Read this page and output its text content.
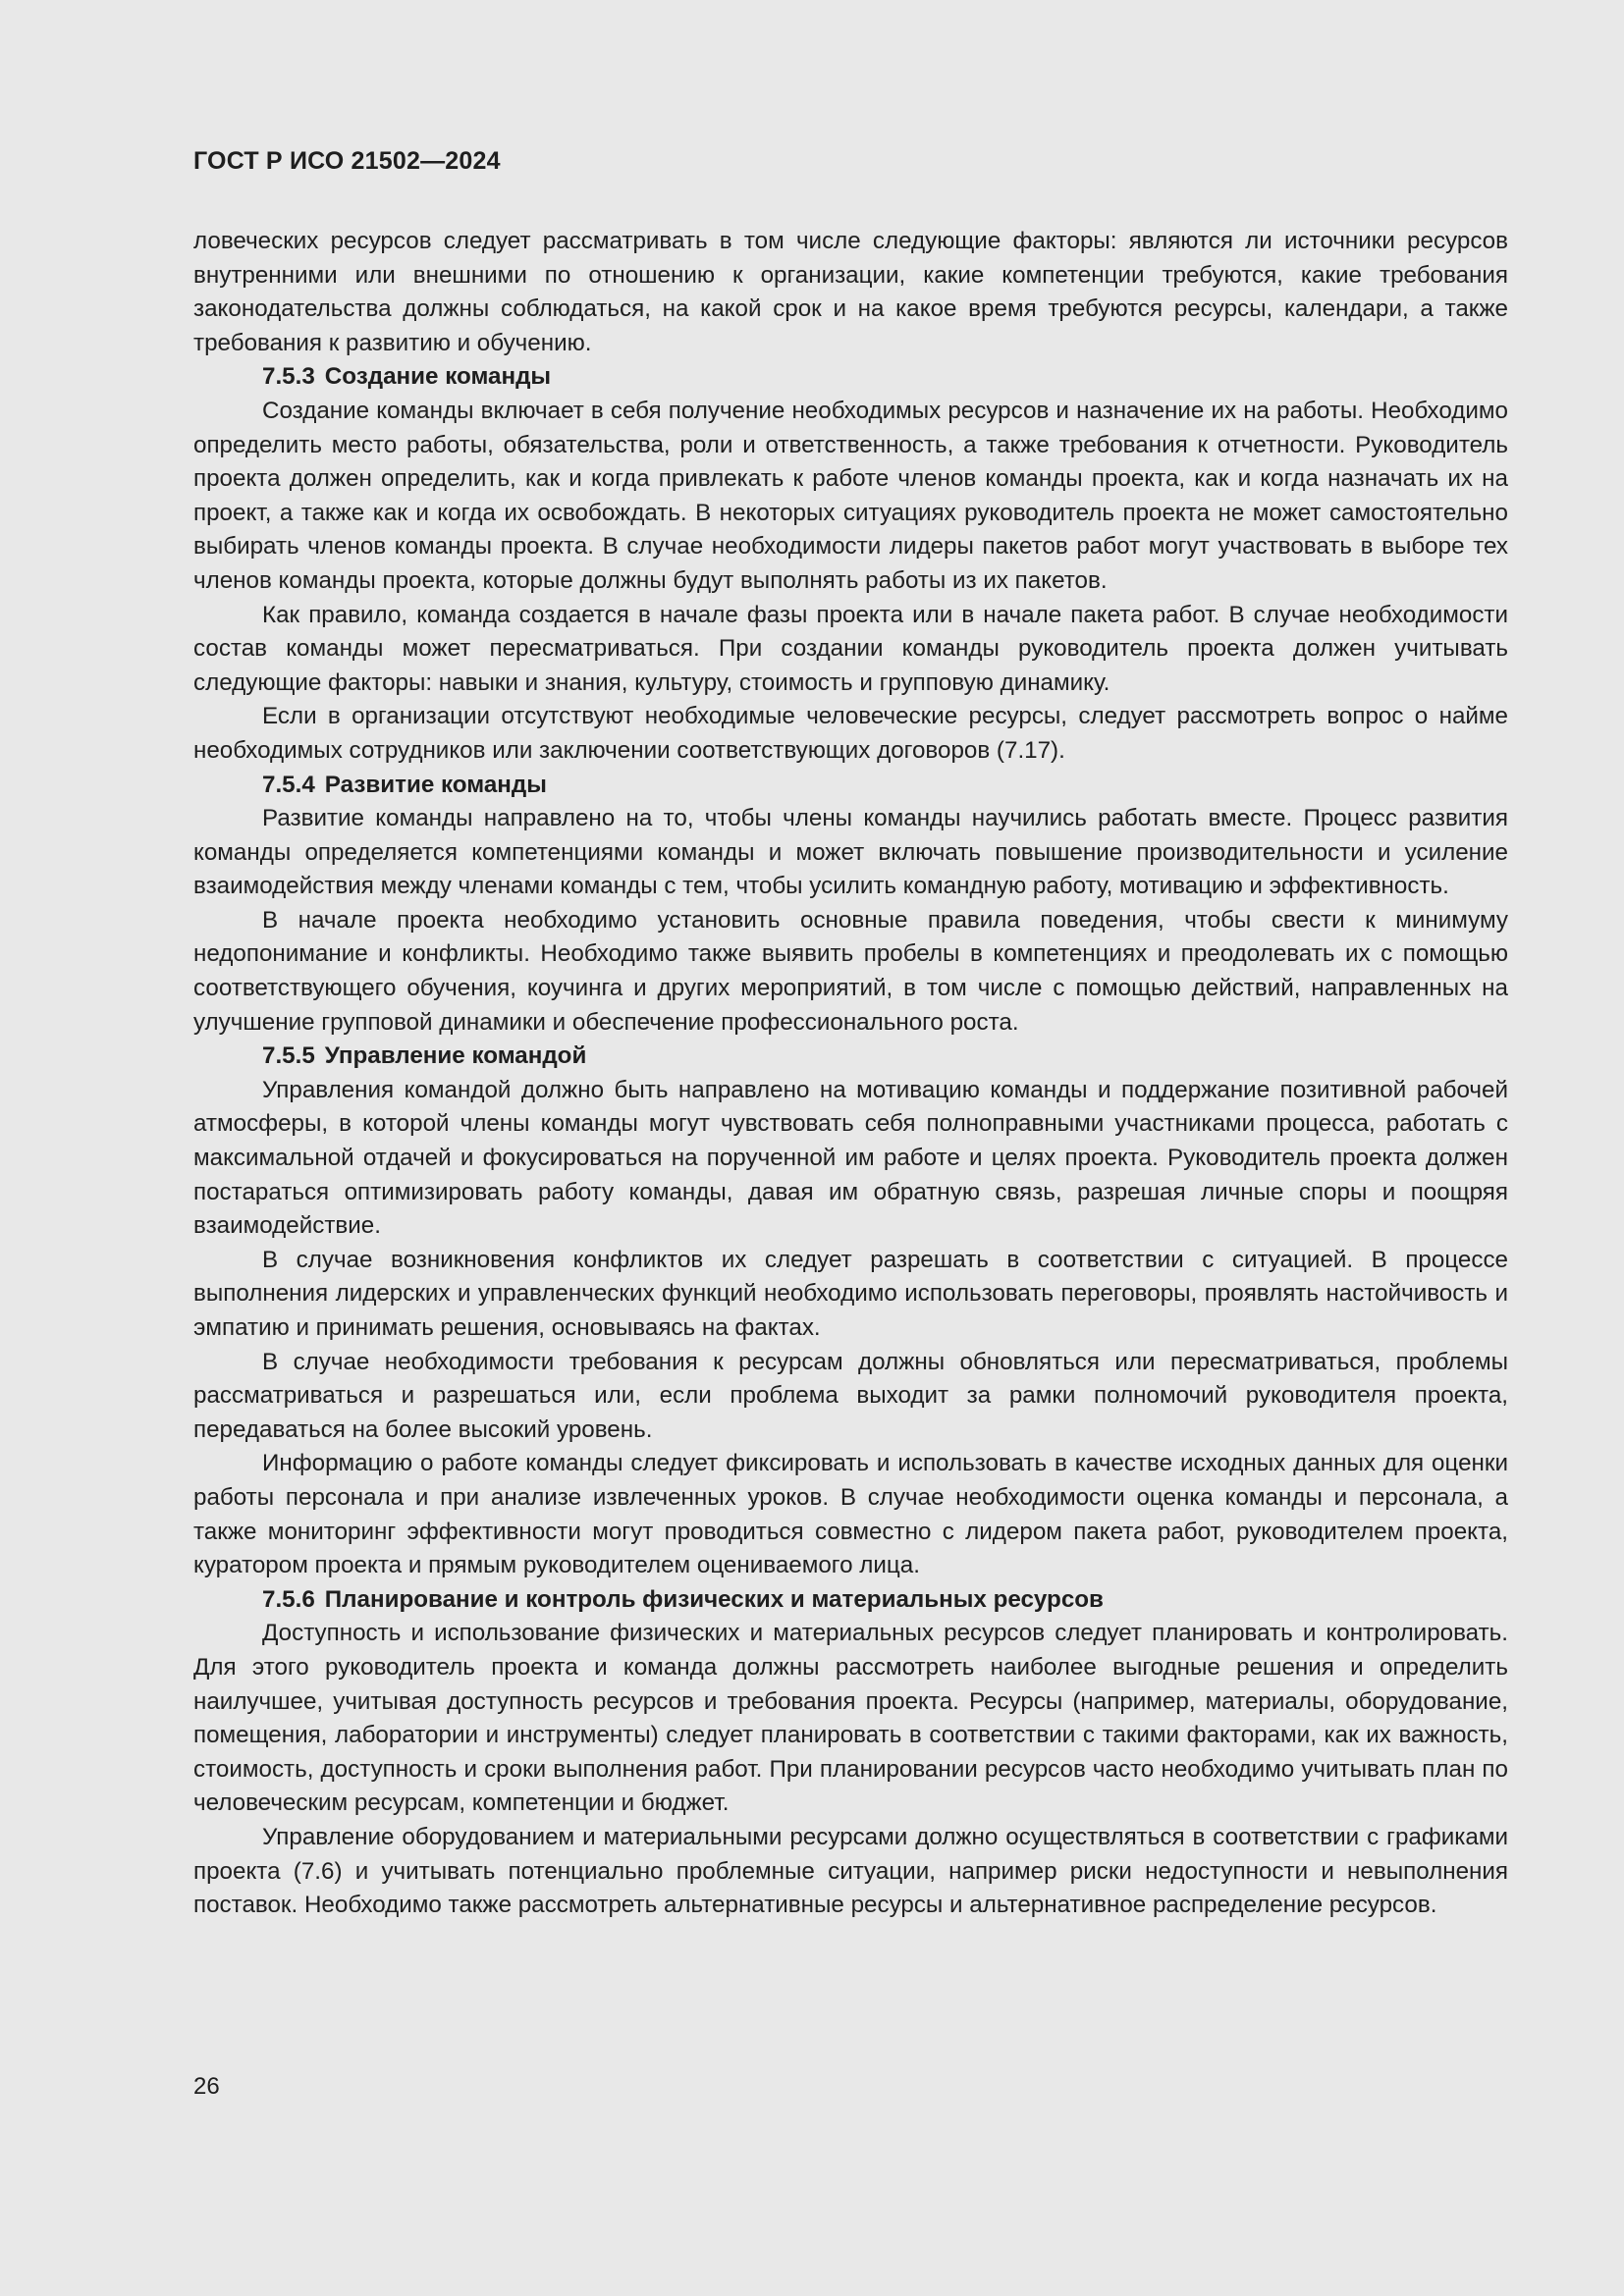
ГОСТ Р ИСО 21502—2024

ловеческих ресурсов следует рассматривать в том числе следующие факторы: являются ли источники ресурсов внутренними или внешними по отношению к организации, какие компетенции требуются, какие требования законодательства должны соблюдаться, на какой срок и на какое время требуются ресурсы, календари, а также требования к развитию и обучению.

7.5.3 Создание команды

Создание команды включает в себя получение необходимых ресурсов и назначение их на работы. Необходимо определить место работы, обязательства, роли и ответственность, а также требования к отчетности. Руководитель проекта должен определить, как и когда привлекать к работе членов команды проекта, как и когда назначать их на проект, а также как и когда их освобождать. В некоторых ситуациях руководитель проекта не может самостоятельно выбирать членов команды проекта. В случае необходимости лидеры пакетов работ могут участвовать в выборе тех членов команды проекта, которые должны будут выполнять работы из их пакетов.

Как правило, команда создается в начале фазы проекта или в начале пакета работ. В случае необходимости состав команды может пересматриваться. При создании команды руководитель проекта должен учитывать следующие факторы: навыки и знания, культуру, стоимость и групповую динамику.

Если в организации отсутствуют необходимые человеческие ресурсы, следует рассмотреть вопрос о найме необходимых сотрудников или заключении соответствующих договоров (7.17).

7.5.4 Развитие команды

Развитие команды направлено на то, чтобы члены команды научились работать вместе. Процесс развития команды определяется компетенциями команды и может включать повышение производительности и усиление взаимодействия между членами команды с тем, чтобы усилить командную работу, мотивацию и эффективность.

В начале проекта необходимо установить основные правила поведения, чтобы свести к минимуму недопонимание и конфликты. Необходимо также выявить пробелы в компетенциях и преодолевать их с помощью соответствующего обучения, коучинга и других мероприятий, в том числе с помощью действий, направленных на улучшение групповой динамики и обеспечение профессионального роста.

7.5.5 Управление командой

Управления командой должно быть направлено на мотивацию команды и поддержание позитивной рабочей атмосферы, в которой члены команды могут чувствовать себя полноправными участниками процесса, работать с максимальной отдачей и фокусироваться на порученной им работе и целях проекта. Руководитель проекта должен постараться оптимизировать работу команды, давая им обратную связь, разрешая личные споры и поощряя взаимодействие.

В случае возникновения конфликтов их следует разрешать в соответствии с ситуацией. В процессе выполнения лидерских и управленческих функций необходимо использовать переговоры, проявлять настойчивость и эмпатию и принимать решения, основываясь на фактах.

В случае необходимости требования к ресурсам должны обновляться или пересматриваться, проблемы рассматриваться и разрешаться или, если проблема выходит за рамки полномочий руководителя проекта, передаваться на более высокий уровень.

Информацию о работе команды следует фиксировать и использовать в качестве исходных данных для оценки работы персонала и при анализе извлеченных уроков. В случае необходимости оценка команды и персонала, а также мониторинг эффективности могут проводиться совместно с лидером пакета работ, руководителем проекта, куратором проекта и прямым руководителем оцениваемого лица.

7.5.6 Планирование и контроль физических и материальных ресурсов

Доступность и использование физических и материальных ресурсов следует планировать и контролировать. Для этого руководитель проекта и команда должны рассмотреть наиболее выгодные решения и определить наилучшее, учитывая доступность ресурсов и требования проекта. Ресурсы (например, материалы, оборудование, помещения, лаборатории и инструменты) следует планировать в соответствии с такими факторами, как их важность, стоимость, доступность и сроки выполнения работ. При планировании ресурсов часто необходимо учитывать план по человеческим ресурсам, компетенции и бюджет.

Управление оборудованием и материальными ресурсами должно осуществляться в соответствии с графиками проекта (7.6) и учитывать потенциально проблемные ситуации, например риски недоступности и невыполнения поставок. Необходимо также рассмотреть альтернативные ресурсы и альтернативное распределение ресурсов.

26
